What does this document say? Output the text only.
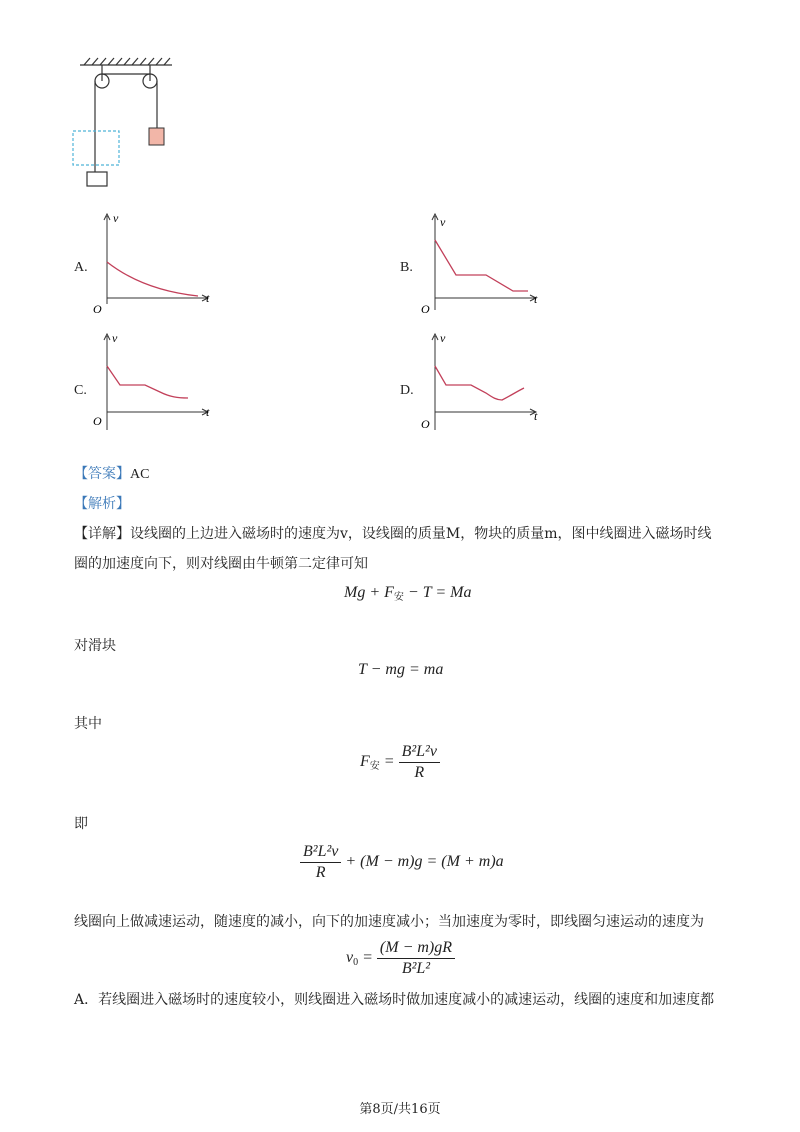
A.
v
t
O
B.
v
t
O
C.
v
t
O
D.
v
t
O
【答案】AC
【解析】
【详解】设线圈的上边进入磁场时的速度为v，设线圈的质量M，物块的质量m，图中线圈进入磁场时线
圈的加速度向下，则对线圈由牛顿第二定律可知
$Mg + F_安 - T = Ma$
对滑块
T − mg = ma
其中
$F_安 = \frac{\text{B²L²v}}{R}$
即
$\frac{\text{B²L²v}}{R} + (M - m)g = (M + m)a$
线圈向上做减速运动，随速度的减小，向下的加速度减小；当加速度为零时，即线圈匀速运动的速度为
$v_0 = \frac{(M - m)gR}{\text{B²L²}}$
A．若线圈进入磁场时的速度较小，则线圈进入磁场时做加速度减小的减速运动，线圈的速度和加速度都
第8页/共16页
